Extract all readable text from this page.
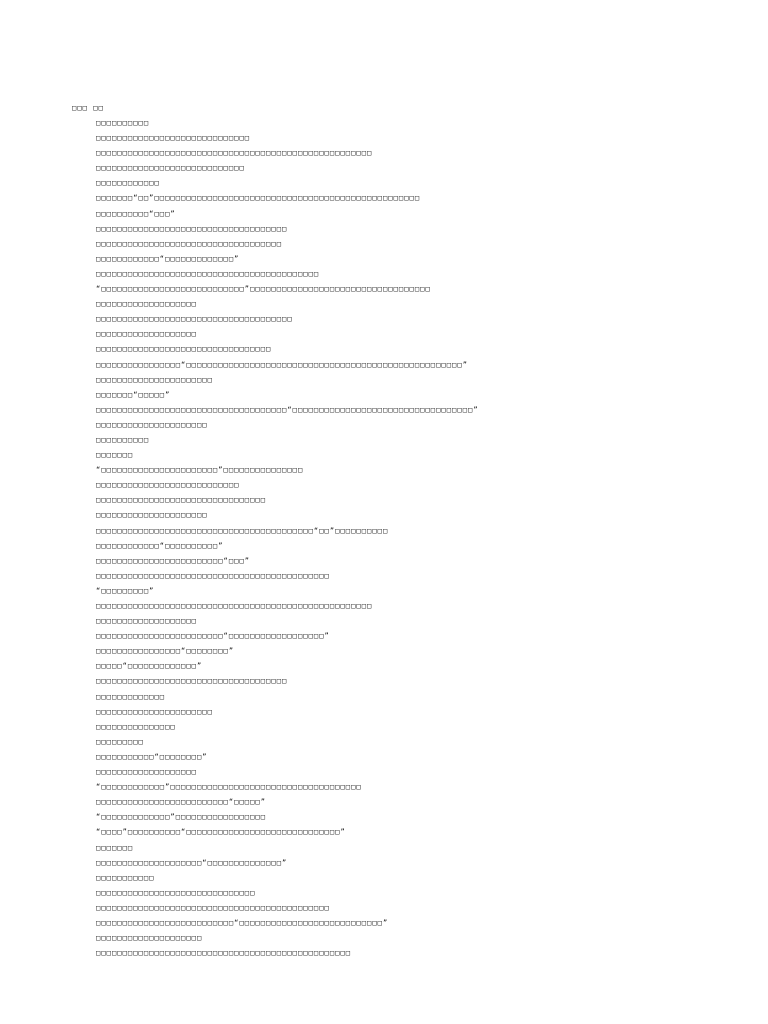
□□□ □□
□□□□□□□□□□
□□□□□□□□□□□□□□□□□□□□□□□□□□□□□
□□□□□□□□□□□□□□□□□□□□□□□□□□□□□□□□□□□□□□□□□□□□□□□□□□□□
□□□□□□□□□□□□□□□□□□□□□□□□□□□□
□□□□□□□□□□□□
□□□□□□□“□□”□□□□□□□□□□□□□□□□□□□□□□□□□□□□□□□□□□□□□□□□□□□□□□□□□□
□□□□□□□□□□“□□□”
□□□□□□□□□□□□□□□□□□□□□□□□□□□□□□□□□□□□
□□□□□□□□□□□□□□□□□□□□□□□□□□□□□□□□□□□
□□□□□□□□□□□□“□□□□□□□□□□□□□”
□□□□□□□□□□□□□□□□□□□□□□□□□□□□□□□□□□□□□□□□□□
“□□□□□□□□□□□□□□□□□□□□□□□□□□□”□□□□□□□□□□□□□□□□□□□□□□□□□□□□□□□□□□
□□□□□□□□□□□□□□□□□□□
□□□□□□□□□□□□□□□□□□□□□□□□□□□□□□□□□□□□□
□□□□□□□□□□□□□□□□□□□
□□□□□□□□□□□□□□□□□□□□□□□□□□□□□□□□□
□□□□□□□□□□□□□□□□“□□□□□□□□□□□□□□□□□□□□□□□□□□□□□□□□□□□□□□□□□□□□□□□□□□□□”
□□□□□□□□□□□□□□□□□□□□□□
□□□□□□□“□□□□□”
□□□□□□□□□□□□□□□□□□□□□□□□□□□□□□□□□□□□“□□□□□□□□□□□□□□□□□□□□□□□□□□□□□□□□□□”
□□□□□□□□□□□□□□□□□□□□□
□□□□□□□□□□
□□□□□□□
“□□□□□□□□□□□□□□□□□□□□□□”□□□□□□□□□□□□□□□
□□□□□□□□□□□□□□□□□□□□□□□□□□□
□□□□□□□□□□□□□□□□□□□□□□□□□□□□□□□□
□□□□□□□□□□□□□□□□□□□□□
□□□□□□□□□□□□□□□□□□□□□□□□□□□□□□□□□□□□□□□□□“□□”□□□□□□□□□□
□□□□□□□□□□□□“□□□□□□□□□□”
□□□□□□□□□□□□□□□□□□□□□□□□“□□□”
□□□□□□□□□□□□□□□□□□□□□□□□□□□□□□□□□□□□□□□□□□□□
“□□□□□□□□□”
□□□□□□□□□□□□□□□□□□□□□□□□□□□□□□□□□□□□□□□□□□□□□□□□□□□□
□□□□□□□□□□□□□□□□□□□
□□□□□□□□□□□□□□□□□□□□□□□□“□□□□□□□□□□□□□□□□□□”
□□□□□□□□□□□□□□□□“□□□□□□□□”
□□□□□“□□□□□□□□□□□□□”
□□□□□□□□□□□□□□□□□□□□□□□□□□□□□□□□□□□□
□□□□□□□□□□□□□
□□□□□□□□□□□□□□□□□□□□□□
□□□□□□□□□□□□□□□
□□□□□□□□□
□□□□□□□□□□□“□□□□□□□□”
□□□□□□□□□□□□□□□□□□□
“□□□□□□□□□□□□”□□□□□□□□□□□□□□□□□□□□□□□□□□□□□□□□□□□□
□□□□□□□□□□□□□□□□□□□□□□□□□“□□□□□”
“□□□□□□□□□□□□□”□□□□□□□□□□□□□□□□□
“□□□□”□□□□□□□□□□“□□□□□□□□□□□□□□□□□□□□□□□□□□□□□”
□□□□□□□
□□□□□□□□□□□□□□□□□□□□“□□□□□□□□□□□□□□”
□□□□□□□□□□□
□□□□□□□□□□□□□□□□□□□□□□□□□□□□□□
□□□□□□□□□□□□□□□□□□□□□□□□□□□□□□□□□□□□□□□□□□□□
□□□□□□□□□□□□□□□□□□□□□□□□□□“□□□□□□□□□□□□□□□□□□□□□□□□□□□”
□□□□□□□□□□□□□□□□□□□□
□□□□□□□□□□□□□□□□□□□□□□□□□□□□□□□□□□□□□□□□□□□□□□□□
